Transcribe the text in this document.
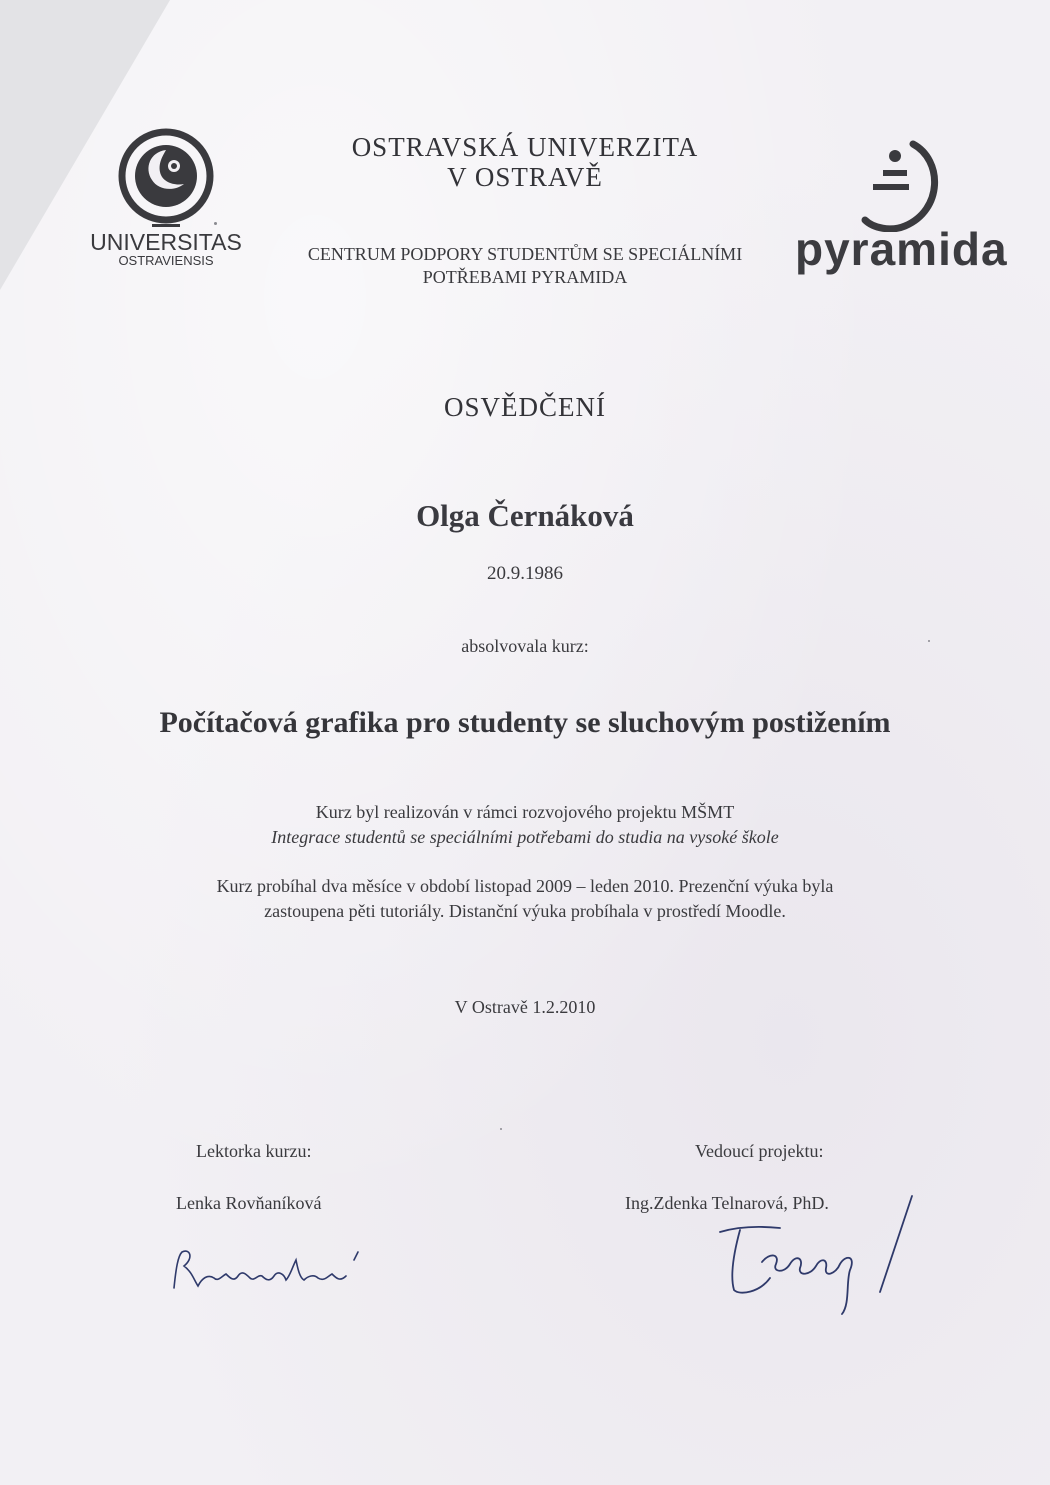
UNIVERSITAS
OSTRAVIENSIS
OSTRAVSKÁ UNIVERZITA
V OSTRAVĚ
CENTRUM PODPORY STUDENTŮM SE SPECIÁLNÍMI
POTŘEBAMI PYRAMIDA
pyramida
OSVĚDČENÍ
Olga Černáková
20.9.1986
absolvovala kurz:
Počítačová grafika pro studenty se sluchovým postižením
Kurz byl realizován v rámci rozvojového projektu MŠMT
Integrace studentů se speciálními potřebami do studia na vysoké škole
Kurz probíhal dva měsíce v období listopad 2009 – leden 2010. Prezenční výuka byla
zastoupena pěti tutoriály. Distanční výuka probíhala v prostředí Moodle.
V Ostravě 1.2.2010
Lektorka kurzu:
Lenka Rovňaníková
Vedoucí projektu:
Ing.Zdenka Telnarová, PhD.
